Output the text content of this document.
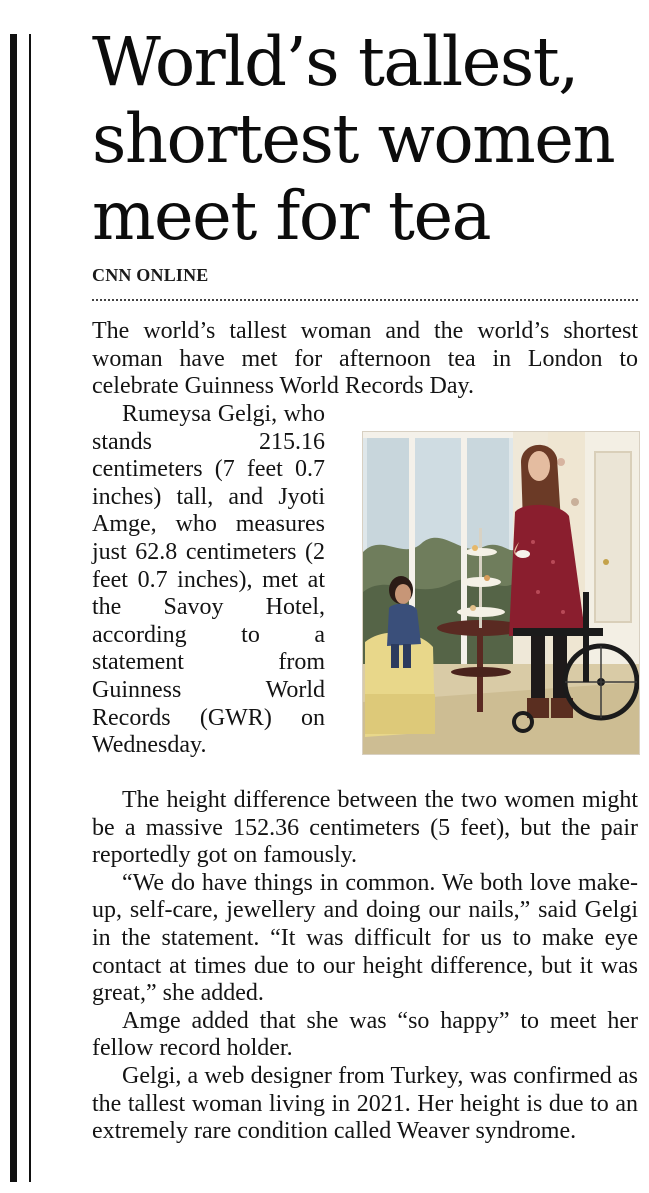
World’s tallest, shortest women meet for tea
CNN ONLINE

The world’s tallest woman and the world’s shortest woman have met for afternoon tea in London to celebrate Guinness World Records Day.

Rumeysa Gelgi, who stands 215.16 centimeters (7 feet 0.7 inches) tall, and Jyoti Amge, who measures just 62.8 centimeters (2 feet 0.7 inches), met at the Savoy Hotel, according to a statement from Guinness World Records (GWR) on Wednesday.

The height difference between the two women might be a massive 152.36 centimeters (5 feet), but the pair reportedly got on famously.

“We do have things in common. We both love make-up, self-care, jewellery and doing our nails,” said Gelgi in the statement. “It was difficult for us to make eye contact at times due to our height difference, but it was great,” she added.

Amge added that she was “so happy” to meet her fellow record holder.

Gelgi, a web designer from Turkey, was confirmed as the tallest woman living in 2021. Her height is due to an extremely rare condition called Weaver syndrome.
